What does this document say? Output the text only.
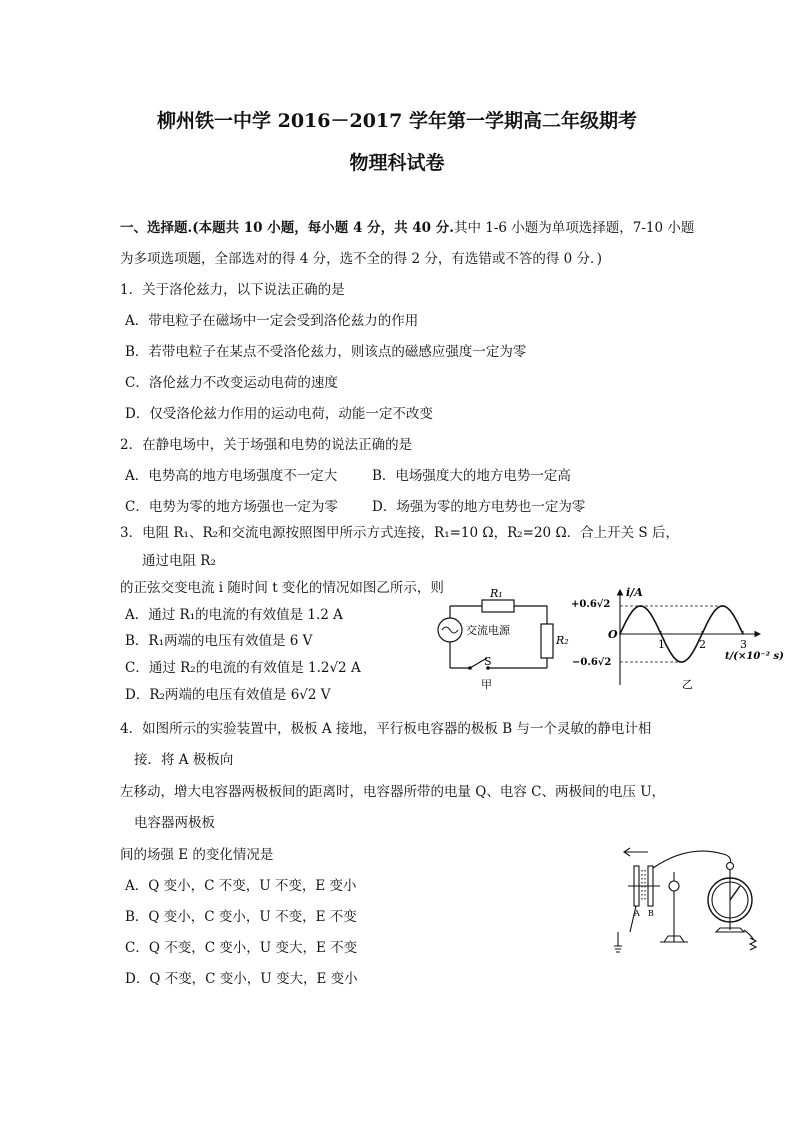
柳州铁一中学 2016－2017 学年第一学期高二年级期考
物理科试卷
一、选择题.(本题共 10 小题，每小题 4 分，共 40 分.其中 1-6 小题为单项选择题，7-10 小题
为多项选项题，全部选对的得 4 分，选不全的得 2 分，有选错或不答的得 0 分．)
1．关于洛伦兹力，以下说法正确的是
A．带电粒子在磁场中一定会受到洛伦兹力的作用
B．若带电粒子在某点不受洛伦兹力，则该点的磁感应强度一定为零
C．洛伦兹力不改变运动电荷的速度
D．仅受洛伦兹力作用的运动电荷，动能一定不改变
2．在静电场中，关于场强和电势的说法正确的是
A．电势高的地方电场强度不一定大	B．电场强度大的地方电势一定高
C．电势为零的地方场强也一定为零	D．场强为零的地方电势也一定为零
3．电阻 R₁、R₂和交流电源按照图甲所示方式连接，R₁=10 Ω，R₂=20 Ω．合上开关 S 后，
通过电阻 R₂
的正弦交变电流 i 随时间 t 变化的情况如图乙所示，则
A．通过 R₁的电流的有效值是 1.2 A
B．R₁两端的电压有效值是 6 V
C．通过 R₂的电流的有效值是 1.2√2 A
D．R₂两端的电压有效值是 6√2 V
R₁
R₂
交流电源
S
甲
i/A
+0.6√2
−0.6√2
O
t/(×10⁻² s)
乙
1	2	3
4．如图所示的实验装置中，极板 A 接地，平行板电容器的极板 B 与一个灵敏的静电计相
接．将 A 极板向
左移动，增大电容器两极板间的距离时，电容器所带的电量 Q、电容 C、两极间的电压 U，
电容器两极板
间的场强 E 的变化情况是
A．Q 变小，C 不变，U 不变，E 变小
B．Q 变小，C 变小，U 不变，E 不变
C．Q 不变，C 变小，U 变大，E 不变
D．Q 不变，C 变小，U 变大，E 变小
A B
